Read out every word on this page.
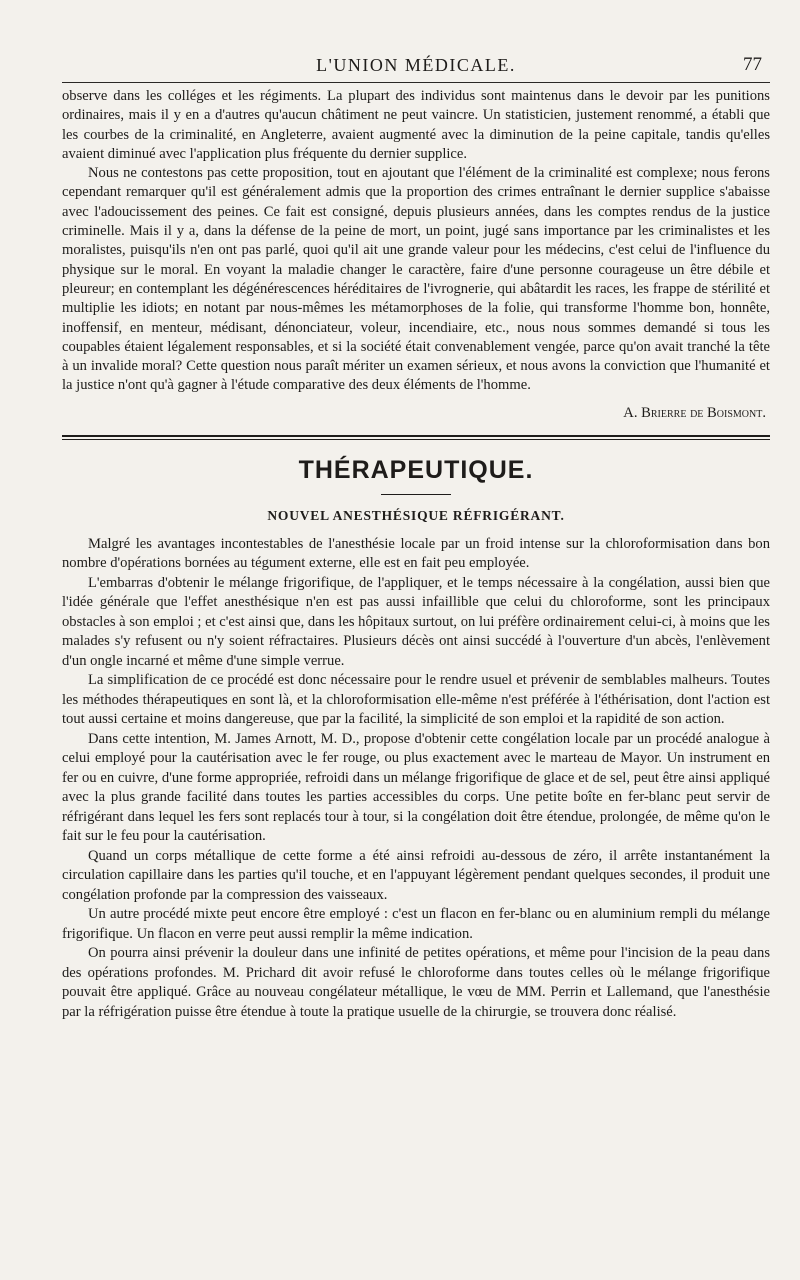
L'UNION MÉDICALE.	77

observe dans les colléges et les régiments. La plupart des individus sont maintenus dans le devoir par les punitions ordinaires, mais il y en a d'autres qu'aucun châtiment ne peut vaincre. Un statisticien, justement renommé, a établi que les courbes de la criminalité, en Angleterre, avaient augmenté avec la diminution de la peine capitale, tandis qu'elles avaient diminué avec l'application plus fréquente du dernier supplice.

Nous ne contestons pas cette proposition, tout en ajoutant que l'élément de la criminalité est complexe; nous ferons cependant remarquer qu'il est généralement admis que la proportion des crimes entraînant le dernier supplice s'abaisse avec l'adoucissement des peines. Ce fait est consigné, depuis plusieurs années, dans les comptes rendus de la justice criminelle. Mais il y a, dans la défense de la peine de mort, un point, jugé sans importance par les criminalistes et les moralistes, puisqu'ils n'en ont pas parlé, quoi qu'il ait une grande valeur pour les médecins, c'est celui de l'influence du physique sur le moral. En voyant la maladie changer le caractère, faire d'une personne courageuse un être débile et pleureur; en contemplant les dégénérescences héréditaires de l'ivrognerie, qui abâtardit les races, les frappe de stérilité et multiplie les idiots; en notant par nous-mêmes les métamorphoses de la folie, qui transforme l'homme bon, honnête, inoffensif, en menteur, médisant, dénonciateur, voleur, incendiaire, etc., nous nous sommes demandé si tous les coupables étaient légalement responsables, et si la société était convenablement vengée, parce qu'on avait tranché la tête à un invalide moral? Cette question nous paraît mériter un examen sérieux, et nous avons la conviction que l'humanité et la justice n'ont qu'à gagner à l'étude comparative des deux éléments de l'homme.

A. Brierre de Boismont.
THÉRAPEUTIQUE.
NOUVEL ANESTHÉSIQUE RÉFRIGÉRANT.

Malgré les avantages incontestables de l'anesthésie locale par un froid intense sur la chloroformisation dans bon nombre d'opérations bornées au tégument externe, elle est en fait peu employée.

L'embarras d'obtenir le mélange frigorifique, de l'appliquer, et le temps nécessaire à la congélation, aussi bien que l'idée générale que l'effet anesthésique n'en est pas aussi infaillible que celui du chloroforme, sont les principaux obstacles à son emploi ; et c'est ainsi que, dans les hôpitaux surtout, on lui préfère ordinairement celui-ci, à moins que les malades s'y refusent ou n'y soient réfractaires. Plusieurs décès ont ainsi succédé à l'ouverture d'un abcès, l'enlèvement d'un ongle incarné et même d'une simple verrue.

La simplification de ce procédé est donc nécessaire pour le rendre usuel et prévenir de semblables malheurs. Toutes les méthodes thérapeutiques en sont là, et la chloroformisation elle-même n'est préférée à l'éthérisation, dont l'action est tout aussi certaine et moins dangereuse, que par la facilité, la simplicité de son emploi et la rapidité de son action.

Dans cette intention, M. James Arnott, M. D., propose d'obtenir cette congélation locale par un procédé analogue à celui employé pour la cautérisation avec le fer rouge, ou plus exactement avec le marteau de Mayor. Un instrument en fer ou en cuivre, d'une forme appropriée, refroidi dans un mélange frigorifique de glace et de sel, peut être ainsi appliqué avec la plus grande facilité dans toutes les parties accessibles du corps. Une petite boîte en fer-blanc peut servir de réfrigérant dans lequel les fers sont replacés tour à tour, si la congélation doit être étendue, prolongée, de même qu'on le fait sur le feu pour la cautérisation.

Quand un corps métallique de cette forme a été ainsi refroidi au-dessous de zéro, il arrête instantanément la circulation capillaire dans les parties qu'il touche, et en l'appuyant légèrement pendant quelques secondes, il produit une congélation profonde par la compression des vaisseaux.

Un autre procédé mixte peut encore être employé : c'est un flacon en fer-blanc ou en aluminium rempli du mélange frigorifique. Un flacon en verre peut aussi remplir la même indication.

On pourra ainsi prévenir la douleur dans une infinité de petites opérations, et même pour l'incision de la peau dans des opérations profondes. M. Prichard dit avoir refusé le chloroforme dans toutes celles où le mélange frigorifique pouvait être appliqué. Grâce au nouveau congélateur métallique, le vœu de MM. Perrin et Lallemand, que l'anesthésie par la réfrigération puisse être étendue à toute la pratique usuelle de la chirurgie, se trouvera donc réalisé.
